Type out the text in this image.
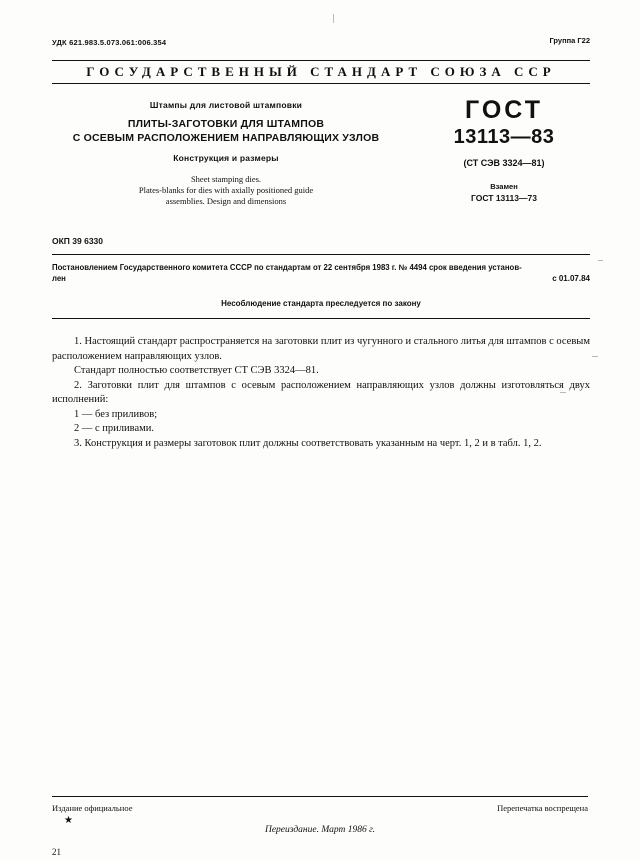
УДК 621.983.5.073.061:006.354	Группа Г22
ГОСУДАРСТВЕННЫЙ СТАНДАРТ СОЮЗА ССР
Штампы для листовой штамповки
ПЛИТЫ-ЗАГОТОВКИ ДЛЯ ШТАМПОВ
С ОСЕВЫМ РАСПОЛОЖЕНИЕМ НАПРАВЛЯЮЩИХ УЗЛОВ
Конструкция и размеры
Sheet stamping dies.
Plates-blanks for dies with axially positioned guide
assemblies. Design and dimensions
ГОСТ
13113—83
(СТ СЭВ 3324—81)
Взамен
ГОСТ 13113—73
ОКП 39 6330
Постановлением Государственного комитета СССР по стандартам от 22 сентября 1983 г. № 4494 срок введения установ-
лен	с 01.07.84
Несоблюдение стандарта преследуется по закону

1. Настоящий стандарт распространяется на заготовки плит из чугунного и стального литья для штампов с осевым расположением направляющих узлов.

Стандарт полностью соответствует СТ СЭВ 3324—81.

2. Заготовки плит для штампов с осевым расположением направляющих узлов должны изготовляться двух исполнений:

1 — без приливов;

2 — с приливами.

3. Конструкция и размеры заготовок плит должны соответствовать указанным на черт. 1, 2 и в табл. 1, 2.

Издание официальное
★
Перепечатка воспрещена
Переиздание. Март 1986 г.
21
